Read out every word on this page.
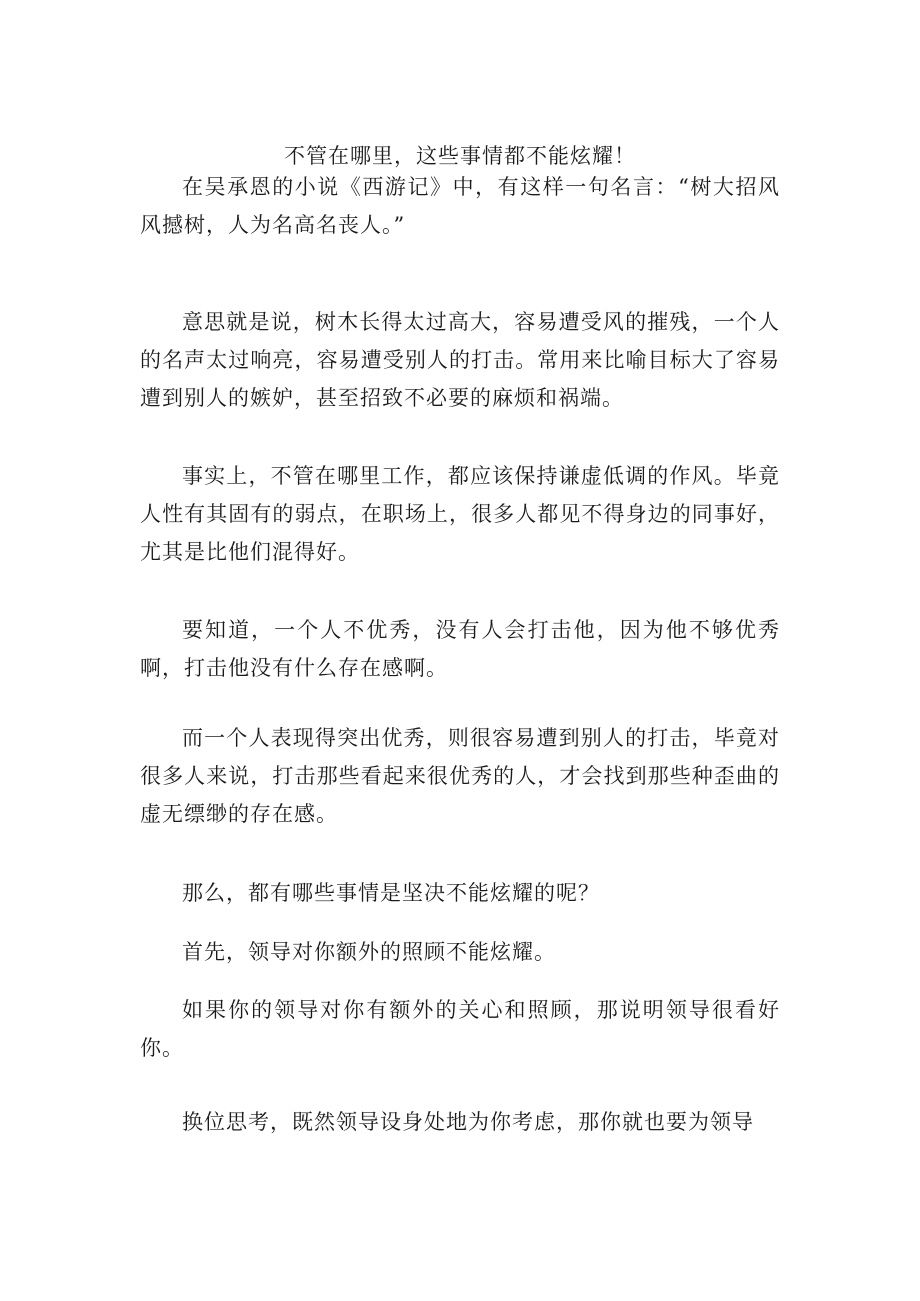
不管在哪里，这些事情都不能炫耀！

在吴承恩的小说《西游记》中，有这样一句名言：“树大招风风撼树，人为名高名丧人。”

意思就是说，树木长得太过高大，容易遭受风的摧残，一个人的名声太过响亮，容易遭受别人的打击。常用来比喻目标大了容易遭到别人的嫉妒，甚至招致不必要的麻烦和祸端。

事实上，不管在哪里工作，都应该保持谦虚低调的作风。毕竟人性有其固有的弱点，在职场上，很多人都见不得身边的同事好，尤其是比他们混得好。

要知道，一个人不优秀，没有人会打击他，因为他不够优秀啊，打击他没有什么存在感啊。

而一个人表现得突出优秀，则很容易遭到别人的打击，毕竟对很多人来说，打击那些看起来很优秀的人，才会找到那些种歪曲的虚无缥缈的存在感。

那么，都有哪些事情是坚决不能炫耀的呢？

首先，领导对你额外的照顾不能炫耀。

如果你的领导对你有额外的关心和照顾，那说明领导很看好你。

换位思考，既然领导设身处地为你考虑，那你就也要为领导
